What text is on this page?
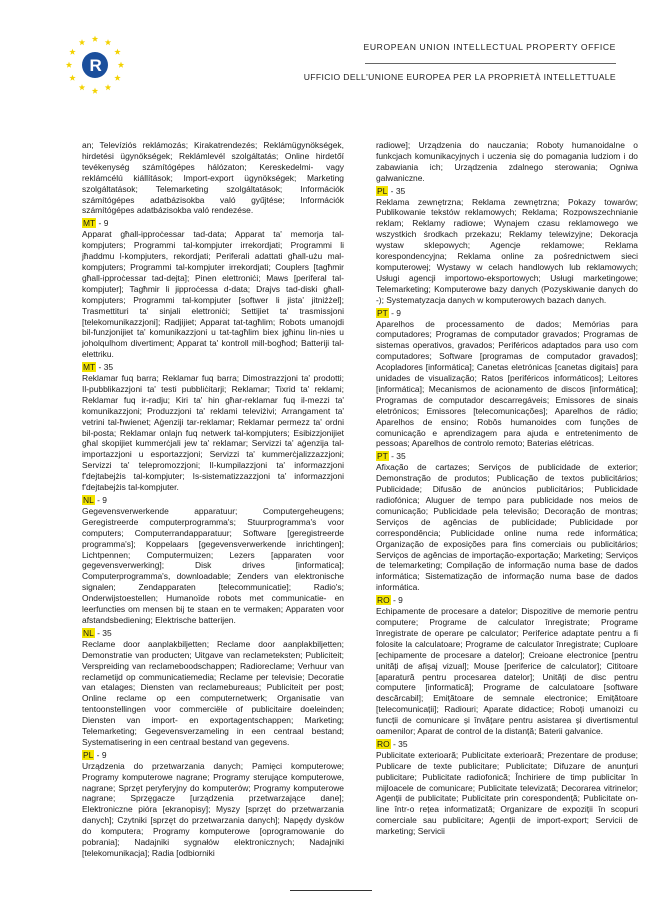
R
EUROPEAN UNION INTELLECTUAL PROPERTY OFFICE
UFFICIO DELL'UNIONE EUROPEA PER LA PROPRIETÀ INTELLETTUALE

an; Televíziós reklámozás; Kirakatrendezés; Reklámügynökségek, hirdetési ügynökségek; Reklámlevél szolgáltatás; Online hirdetőí tevékenység számítógépes hálózaton; Kereskedelmi- vagy reklámcélú kiállítások; Import-export ügynökségek; Marketing szolgáltatások; Telemarketing szolgáltatások; Információk számítógépes adatbázisokba való gyűjtése; Információk számítógépes adatbázisokba való rendezése.

MT - 9

Apparat għall-ipproċessar tad-data; Apparat ta' memorja tal-kompjuters; Programmi tal-kompjuter irrekordjati; Programmi li jħaddmu l-kompjuters, rekordjati; Periferali adattati għall-użu mal-kompjuters; Programmi tal-kompjuter irrekordjati; Couplers [tagħmir għall-ipproċessar tad-dejta]; Pinen elettroniċi; Maws [periferal tal-kompjuter]; Tagħmir li jipproċessa d-data; Drajvs tad-diski għall-kompjuters; Programmi tal-kompjuter [softwer li jista' jitniżżel]; Trasmettituri ta' sinjali elettroniċi; Settijiet ta' trasmissjoni [telekomunikazzjoni]; Radjijiet; Apparat tat-tagħlim; Robots umanojdi bil-funzjonijiet ta' komunikazzjoni u tat-tagħlim biex jgħinu lin-nies u joholqulhom divertiment; Apparat ta' kontroll mill-bogħod; Batteriji tal-elettriku.

MT - 35

Reklamar fuq barra; Reklamar fuq barra; Dimostrazzjoni ta' prodotti; Il-pubblikazzjoni ta' testi pubbliċitarji; Reklamar; Tixrid ta' reklami; Reklamar fuq ir-radju; Kiri ta' hin għar-reklamar fuq il-mezzi ta' komunikazzjoni; Produzzjoni ta' reklami televiżivi; Arrangament ta' vetrini tal-ħwienet; Aġenziji tar-reklamar; Reklamar permezz ta' ordni bil-posta; Reklamar onlajn fuq netwerk tal-kompjuters; Esibizzjonijiet għal skopijiet kummerċjali jew ta' reklamar; Servizzi ta' aġenzija tal-importazzjoni u esportazzjoni; Servizzi ta' kummerċjalizzazzjoni; Servizzi ta' telepromozzjoni; Il-kumpilazzjoni ta' informazzjoni f'dejtabejżis tal-kompjuter; Is-sistematizzazzjoni ta' informazzjoni f'dejtabejżis tal-kompjuter.

NL - 9

Gegevensverwerkende apparatuur; Computergeheugens; Geregistreerde computerprogramma's; Stuurprogramma's voor computers; Computerrandapparatuur; Software [geregistreerde programma's]; Koppelaars [gegevensverwerkende inrichtingen]; Lichtpennen; Computermuizen; Lezers [apparaten voor gegevensverwerking]; Disk drives [informatica]; Computerprogramma's, downloadable; Zenders van elektronische signalen; Zendapparaten [telecommunicatie]; Radio's; Onderwijstoestellen; Humanoïde robots met communicatie- en leerfuncties om mensen bij te staan en te vermaken; Apparaten voor afstandsbediening; Elektrische batterijen.

NL - 35

Reclame door aanplakbiljetten; Reclame door aanplakbiljetten; Demonstratie van producten; Uitgave van reclameteksten; Publiciteit; Verspreiding van reclameboodschappen; Radioreclame; Verhuur van reclametijd op communicatiemedia; Reclame per televisie; Decoratie van etalages; Diensten van reclamebureaus; Publiciteit per post; Online reclame op een computernetwerk; Organisatie van tentoonstellingen voor commerciële of publicitaire doeleinden; Diensten van import- en exportagentschappen; Marketing; Telemarketing; Gegevensverzameling in een centraal bestand; Systematisering in een centraal bestand van gegevens.

PL - 9

Urządzenia do przetwarzania danych; Pamięci komputerowe; Programy komputerowe nagrane; Programy sterujące komputerowe, nagrane; Sprzęt peryferyjny do komputerów; Programy komputerowe nagrane; Sprzęgacze [urządzenia przetwarzające dane]; Elektroniczne pióra [ekranopisy]; Myszy [sprzęt do przetwarzania danych]; Czytniki [sprzęt do przetwarzania danych]; Napędy dysków do komputera; Programy komputerowe [oprogramowanie do pobrania]; Nadajniki sygnałów elektronicznych; Nadajniki [telekomunikacja]; Radia [odbiorniki

radiowe]; Urządzenia do nauczania; Roboty humanoidalne o funkcjach komunikacyjnych i uczenia się do pomagania ludziom i do zabawiania ich; Urządzenia zdalnego sterowania; Ogniwa galwaniczne.

PL - 35

Reklama zewnętrzna; Reklama zewnętrzna; Pokazy towarów; Publikowanie tekstów reklamowych; Reklama; Rozpowszechnianie reklam; Reklamy radiowe; Wynajem czasu reklamowego we wszystkich środkach przekazu; Reklamy telewizyjne; Dekoracja wystaw sklepowych; Agencje reklamowe; Reklama korespondencyjna; Reklama online za pośrednictwem sieci komputerowej; Wystawy w celach handlowych lub reklamowych; Usługi agencji importowo-eksportowych; Usługi marketingowe; Telemarketing; Komputerowe bazy danych (Pozyskiwanie danych do -); Systematyzacja danych w komputerowych bazach danych.

PT - 9

Aparelhos de processamento de dados; Memórias para computadores; Programas de computador gravados; Programas de sistemas operativos, gravados; Periféricos adaptados para uso com computadores; Software [programas de computador gravados]; Acopladores [informática]; Canetas eletrónicas [canetas digitais] para unidades de visualização; Ratos [periféricos informáticos]; Leitores [informática]; Mecanismos de acionamento de discos [informática]; Programas de computador descarregáveis; Emissores de sinais eletrónicos; Emissores [telecomunicações]; Aparelhos de rádio; Aparelhos de ensino; Robôs humanoides com funções de comunicação e aprendizagem para ajuda e entretenimento de pessoas; Aparelhos de controlo remoto; Baterias elétricas.

PT - 35

Afixação de cartazes; Serviços de publicidade de exterior; Demonstração de produtos; Publicação de textos publicitários; Publicidade; Difusão de anúncios publicitários; Publicidade radiofónica; Aluguer de tempo para publicidade nos meios de comunicação; Publicidade pela televisão; Decoração de montras; Serviços de agências de publicidade; Publicidade por correspondência; Publicidade online numa rede informática; Organização de exposições para fins comerciais ou publicitários; Serviços de agências de importação-exportação; Marketing; Serviços de telemarketing; Compilação de informação numa base de dados informática; Sistematização de informação numa base de dados informática.

RO - 9

Echipamente de procesare a datelor; Dispozitive de memorie pentru computere; Programe de calculator înregistrate; Programe înregistrate de operare pe calculator; Periferice adaptate pentru a fi folosite la calculatoare; Programe de calculator înregistrate; Cuploare [echipamente de procesare a datelor]; Creioane electronice [pentru unități de afișaj vizual]; Mouse [periferice de calculator]; Cititoare [aparatură pentru procesarea datelor]; Unități de disc pentru computere [informatică]; Programe de calculatoare [software descărcabil]; Emițătoare de semnale electronice; Emițătoare [telecomunicații]; Radiouri; Aparate didactice; Roboți umanoizi cu funcții de comunicare și învățare pentru asistarea și divertismentul oamenilor; Aparat de control de la distanță; Baterii galvanice.

RO - 35

Publicitate exterioară; Publicitate exterioară; Prezentare de produse; Publicare de texte publicitare; Publicitate; Difuzare de anunțuri publicitare; Publicitate radiofonică; Închiriere de timp publicitar în mijloacele de comunicare; Publicitate televizată; Decorarea vitrinelor; Agenții de publicitate; Publicitate prin corespondență; Publicitate on-line într-o rețea informatizată; Organizare de expoziții în scopuri comerciale sau publicitare; Agenții de import-export; Servicii de marketing; Servicii
